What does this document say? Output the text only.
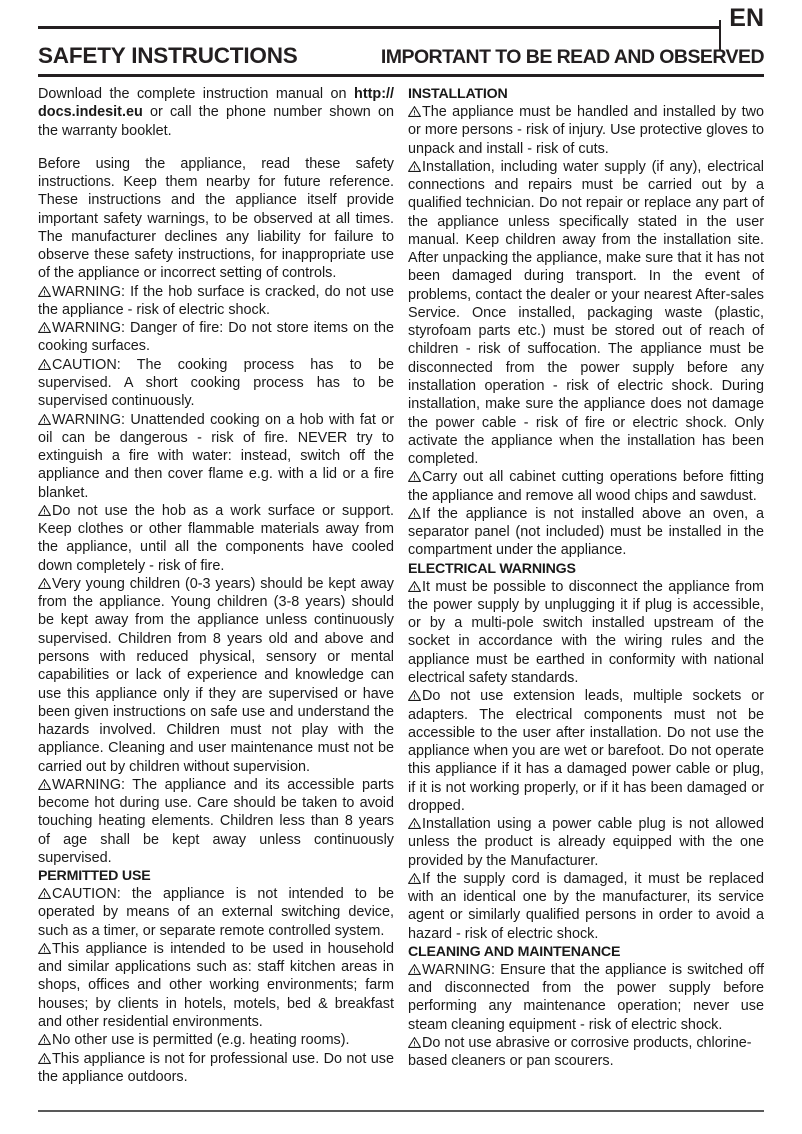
EN
SAFETY INSTRUCTIONS	IMPORTANT TO BE READ AND OBSERVED

Download the complete instruction manual on http:// docs.indesit.eu or call the phone number shown on the warranty booklet.

Before using the appliance, read these safety instructions. Keep them nearby for future reference. These instructions and the appliance itself provide important safety warnings, to be observed at all times. The manufacturer declines any liability for failure to observe these safety instructions, for inappropriate use of the appliance or incorrect setting of controls.

WARNING: If the hob surface is cracked, do not use the appliance - risk of electric shock.

WARNING: Danger of fire: Do not store items on the cooking surfaces.

CAUTION: The cooking process has to be supervised. A short cooking process has to be supervised continuously.

WARNING: Unattended cooking on a hob with fat or oil can be dangerous - risk of fire. NEVER try to extinguish a fire with water: instead, switch off the appliance and then cover flame e.g. with a lid or a fire blanket.

Do not use the hob as a work surface or support. Keep clothes or other flammable materials away from the appliance, until all the components have cooled down completely - risk of fire.

Very young children (0-3 years) should be kept away from the appliance. Young children (3-8 years) should be kept away from the appliance unless continuously supervised. Children from 8 years old and above and persons with reduced physical, sensory or mental capabilities or lack of experience and knowledge can use this appliance only if they are supervised or have been given instructions on safe use and understand the hazards involved. Children must not play with the appliance. Cleaning and user maintenance must not be carried out by children without supervision.

WARNING: The appliance and its accessible parts become hot during use. Care should be taken to avoid touching heating elements. Children less than 8 years of age shall be kept away unless continuously supervised.

PERMITTED USE

CAUTION: the appliance is not intended to be operated by means of an external switching device, such as a timer, or separate remote controlled system.

This appliance is intended to be used in household and similar applications such as: staff kitchen areas in shops, offices and other working environments; farm houses; by clients in hotels, motels, bed & breakfast and other residential environments.

No other use is permitted (e.g. heating rooms).

This appliance is not for professional use. Do not use the appliance outdoors.

INSTALLATION

The appliance must be handled and installed by two or more persons - risk of injury. Use protective gloves to unpack and install - risk of cuts.

Installation, including water supply (if any), electrical connections and repairs must be carried out by a qualified technician. Do not repair or replace any part of the appliance unless specifically stated in the user manual. Keep children away from the installation site. After unpacking the appliance, make sure that it has not been damaged during transport. In the event of problems, contact the dealer or your nearest After-sales Service. Once installed, packaging waste (plastic, styrofoam parts etc.) must be stored out of reach of children - risk of suffocation. The appliance must be disconnected from the power supply before any installation operation - risk of electric shock. During installation, make sure the appliance does not damage the power cable - risk of fire or electric shock. Only activate the appliance when the installation has been completed.

Carry out all cabinet cutting operations before fitting the appliance and remove all wood chips and sawdust.

If the appliance is not installed above an oven, a separator panel (not included) must be installed in the compartment under the appliance.

ELECTRICAL WARNINGS

It must be possible to disconnect the appliance from the power supply by unplugging it if plug is accessible, or by a multi-pole switch installed upstream of the socket in accordance with the wiring rules and the appliance must be earthed in conformity with national electrical safety standards.

Do not use extension leads, multiple sockets or adapters. The electrical components must not be accessible to the user after installation. Do not use the appliance when you are wet or barefoot. Do not operate this appliance if it has a damaged power cable or plug, if it is not working properly, or if it has been damaged or dropped.

Installation using a power cable plug is not allowed unless the product is already equipped with the one provided by the Manufacturer.

If the supply cord is damaged, it must be replaced with an identical one by the manufacturer, its service agent or similarly qualified persons in order to avoid a hazard - risk of electric shock.

CLEANING AND MAINTENANCE

WARNING: Ensure that the appliance is switched off and disconnected from the power supply before performing any maintenance operation; never use steam cleaning equipment - risk of electric shock.

Do not use abrasive or corrosive products, chlorine-based cleaners or pan scourers.
